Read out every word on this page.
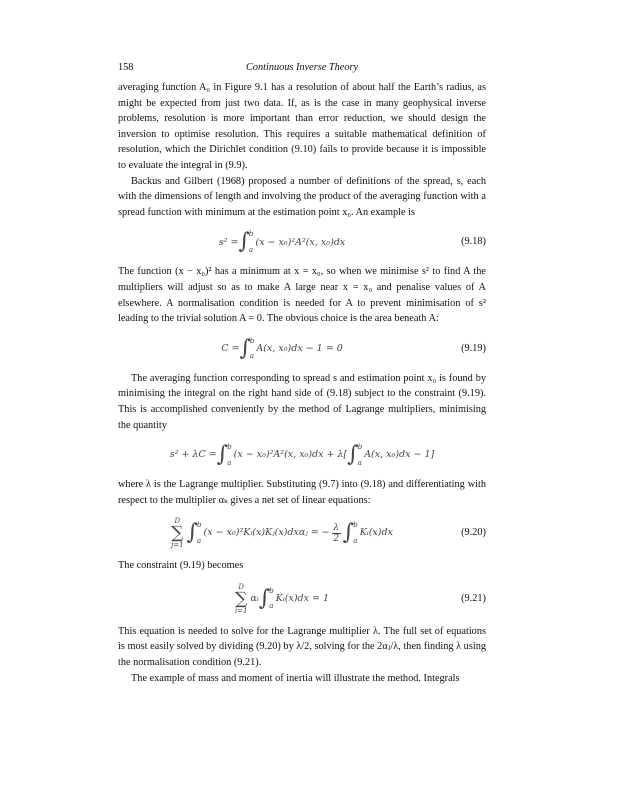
158	Continuous Inverse Theory

averaging function A₀ in Figure 9.1 has a resolution of about half the Earth’s radius, as might be expected from just two data. If, as is the case in many geophysical inverse problems, resolution is more important than error reduction, we should design the inversion to optimise resolution. This requires a suitable mathematical definition of resolution, which the Dirichlet condition (9.10) fails to provide because it is impossible to evaluate the integral in (9.9).

Backus and Gilbert (1968) proposed a number of definitions of the spread, s, each with the dimensions of length and involving the product of the averaging function with a spread function with minimum at the estimation point x₀. An example is

s² = ∫ b
a
(x − x₀)²A²(x, x₀)dx	(9.18)

The function (x − x₀)² has a minimum at x = x₀, so when we minimise s² to find A the multipliers will adjust so as to make A large near x = x₀ and penalise values of A elsewhere. A normalisation condition is needed for A to prevent minimisation of s² leading to the trivial solution A = 0. The obvious choice is the area beneath A:

C = ∫ b
a
A(x, x₀)dx − 1 = 0	(9.19)

The averaging function corresponding to spread s and estimation point x₀ is found by minimising the integral on the right hand side of (9.18) subject to the constraint (9.19). This is accomplished conveniently by the method of Lagrange multipliers, minimising the quantity

s² + λC = ∫ b
a
(x − x₀)²A²(x, x₀)dx + λ[ ∫ b
a
A(x, x₀)dx − 1]

where λ is the Lagrange multiplier. Substituting (9.7) into (9.18) and differentiating with respect to the multiplier αₖ gives a net set of linear equations:

D
∑
j=1 ∫ b
a
(x − x₀)²Kᵢ(x)Kⱼ(x)dxαⱼ = − $\frac{\lambda}{2}$ ∫ b
a
Kᵢ(x)dx	(9.20)

The constraint (9.19) becomes

D
∑
i=1
αᵢ ∫ b
a
Kᵢ(x)dx = 1	(9.21)

This equation is needed to solve for the Lagrange multiplier λ. The full set of equations is most easily solved by dividing (9.20) by λ/2, solving for the 2αⱼ/λ, then finding λ using the normalisation condition (9.21).

The example of mass and moment of inertia will illustrate the method. Integrals
